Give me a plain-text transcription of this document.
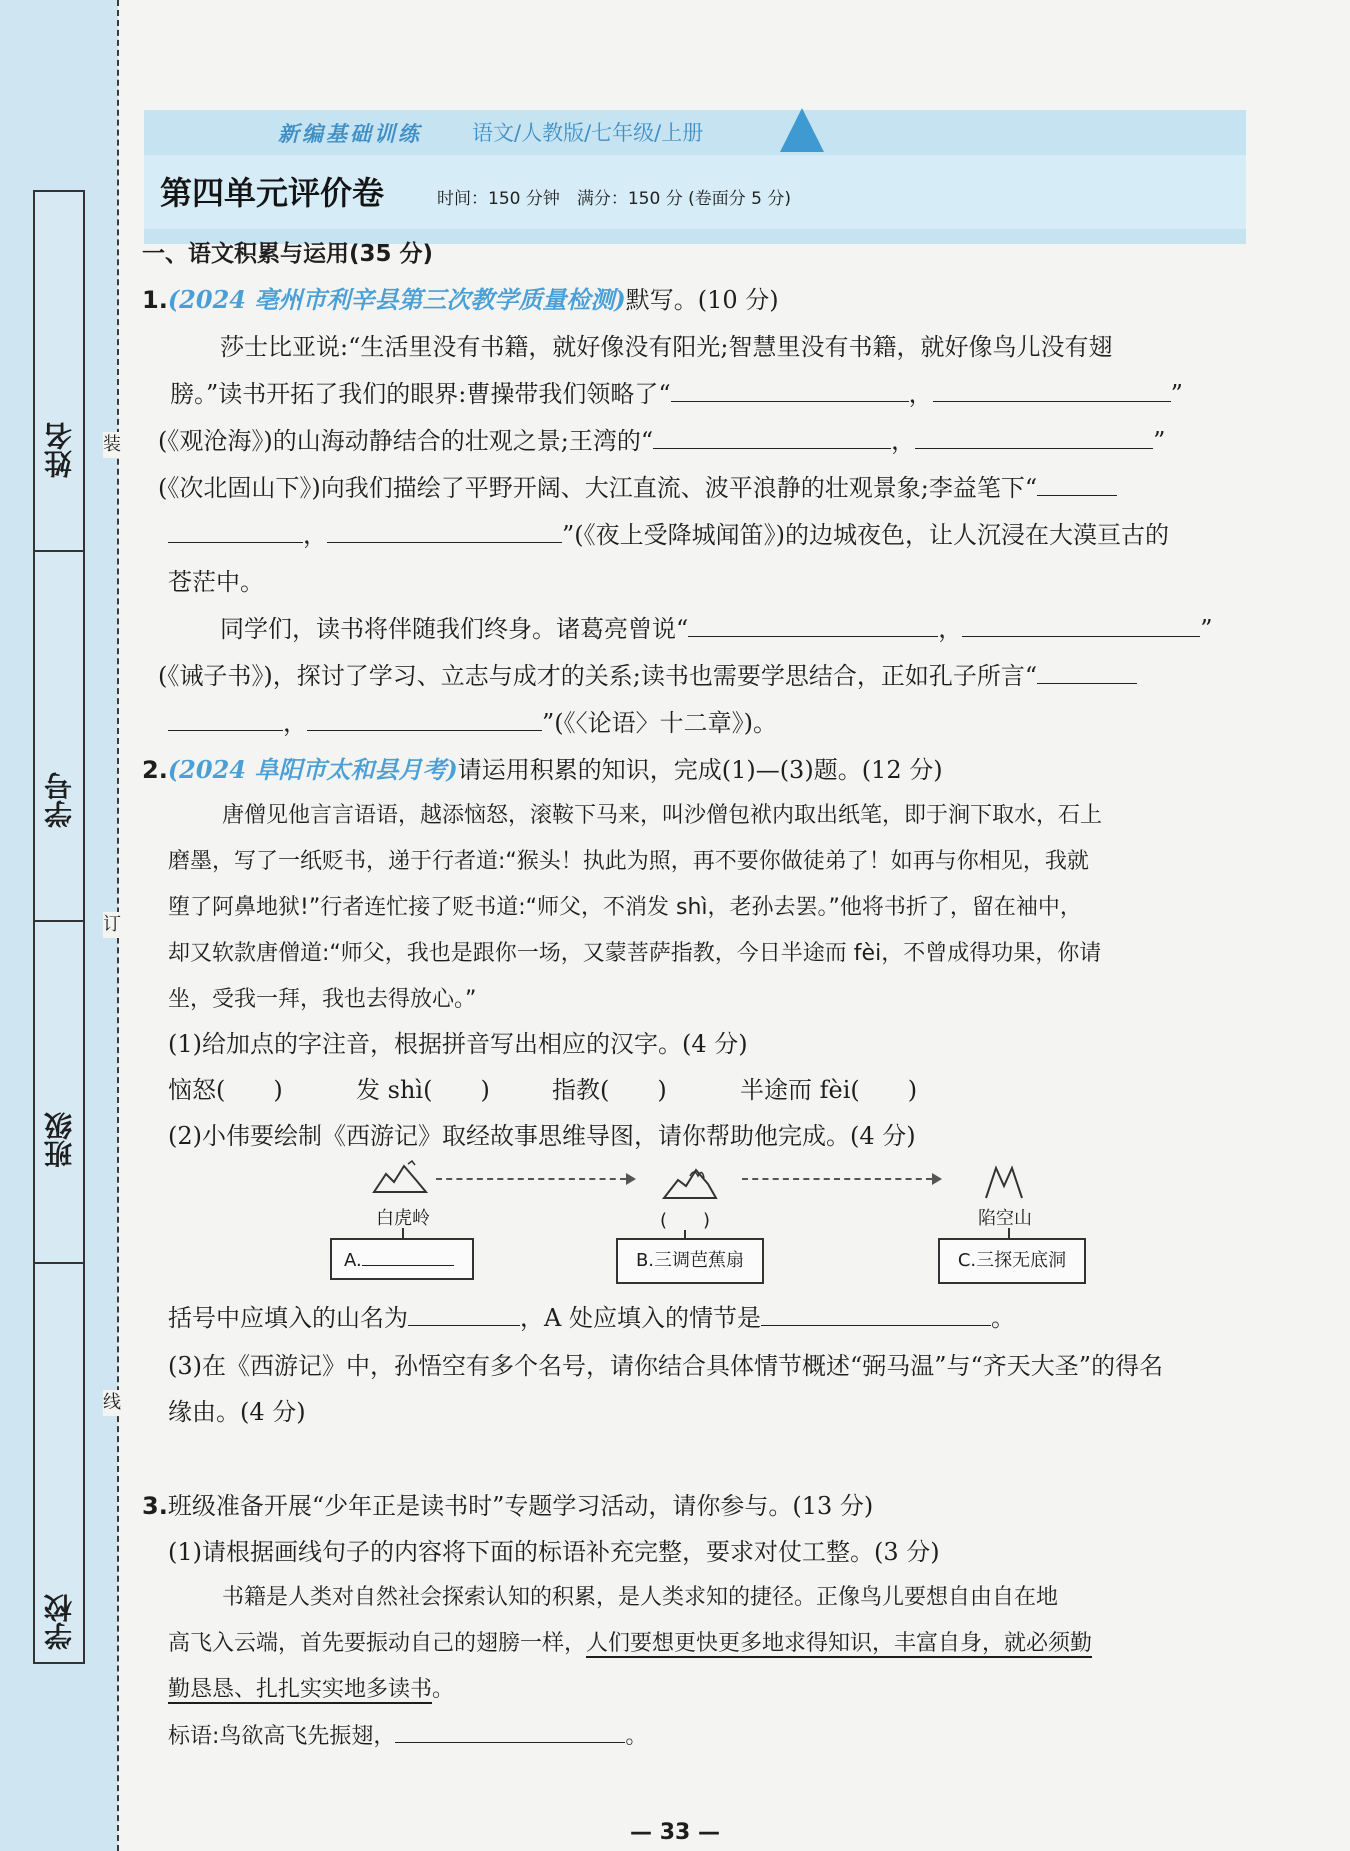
姓名
学号
班级
学校
装
订
线
新编基础训练 语文/人教版/七年级/上册
第四单元评价卷	时间：150 分钟　满分：150 分 (卷面分 5 分)
一、语文积累与运用(35 分)
1.(2024 亳州市利辛县第三次教学质量检测)默写。(10 分)
莎士比亚说:“生活里没有书籍，就好像没有阳光;智慧里没有书籍，就好像鸟儿没有翅
膀。”读书开拓了我们的眼界:曹操带我们领略了“	，	”
(《观沧海》)的山海动静结合的壮观之景;王湾的“	，	”
(《次北固山下》)向我们描绘了平野开阔、大江直流、波平浪静的壮观景象;李益笔下“
，	”(《夜上受降城闻笛》)的边城夜色，让人沉浸在大漠亘古的
苍茫中。
同学们，读书将伴随我们终身。诸葛亮曾说“	，	”
(《诫子书》)，探讨了学习、立志与成才的关系;读书也需要学思结合，正如孔子所言“
，	”(《〈论语〉十二章》)。
2.(2024 阜阳市太和县月考)请运用积累的知识，完成(1)—(3)题。(12 分)
唐僧见他言言语语，越添恼怒，滚鞍下马来，叫沙僧包袱内取出纸笔，即于涧下取水，石上
磨墨，写了一纸贬书，递于行者道:“猴头！执此为照，再不要你做徒弟了！如再与你相见，我就
堕了阿鼻地狱!”行者连忙接了贬书道:“师父，不消发 shì，老孙去罢。”他将书折了，留在袖中，
却又软款唐僧道:“师父，我也是跟你一场，又蒙菩萨指教，今日半途而 fèi，不曾成得功果，你请
坐，受我一拜，我也去得放心。”
(1)给加点的字注音，根据拼音写出相应的汉字。(4 分)
恼怒(　　)	发 shì(　　)	指教(　　)	半途而 fèi(　　)
(2)小伟要绘制《西游记》取经故事思维导图，请你帮助他完成。(4 分)
白虎岭	(　　)	陷空山
A.	B.三调芭蕉扇	C.三探无底洞
括号中应填入的山名为	，A 处应填入的情节是	。
(3)在《西游记》中，孙悟空有多个名号，请你结合具体情节概述“弼马温”与“齐天大圣”的得名
缘由。(4 分)
3.班级准备开展“少年正是读书时”专题学习活动，请你参与。(13 分)
(1)请根据画线句子的内容将下面的标语补充完整，要求对仗工整。(3 分)
书籍是人类对自然社会探索认知的积累，是人类求知的捷径。正像鸟儿要想自由自在地
高飞入云端，首先要振动自己的翅膀一样，人们要想更快更多地求得知识，丰富自身，就必须勤
勤恳恳、扎扎实实地多读书。
标语:鸟欲高飞先振翅，	。
— 33 —
